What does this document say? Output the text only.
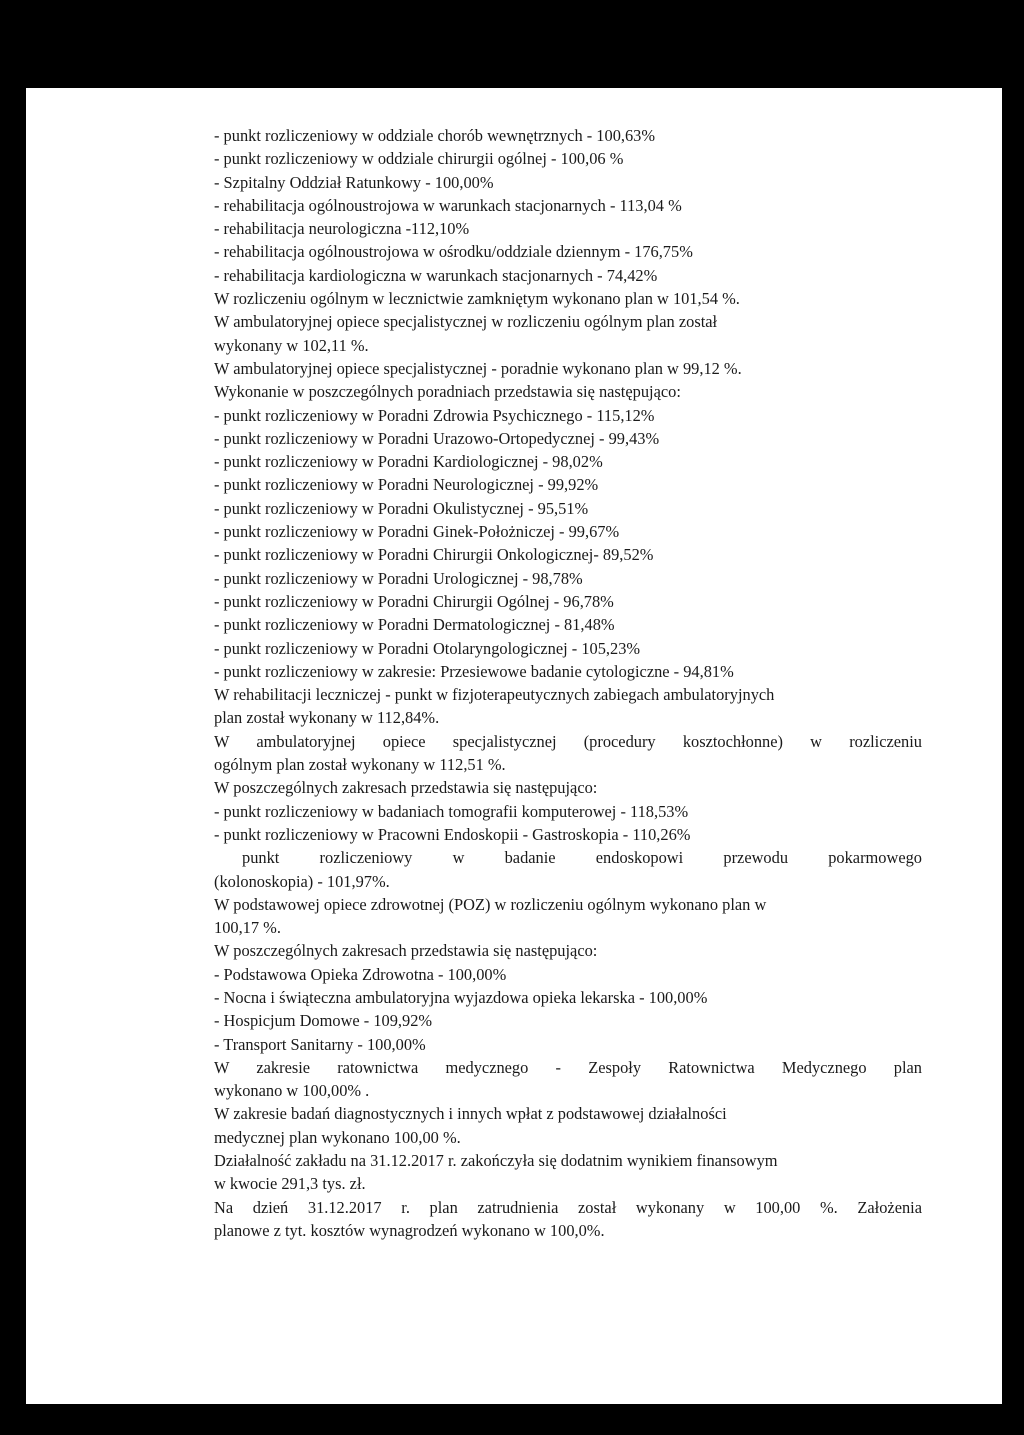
- punkt rozliczeniowy w oddziale chorób wewnętrznych - 100,63%
- punkt rozliczeniowy w oddziale chirurgii ogólnej - 100,06 %
- Szpitalny Oddział Ratunkowy - 100,00%
- rehabilitacja ogólnoustrojowa w warunkach stacjonarnych - 113,04 %
- rehabilitacja neurologiczna -112,10%
- rehabilitacja ogólnoustrojowa w ośrodku/oddziale dziennym - 176,75%
- rehabilitacja kardiologiczna w warunkach stacjonarnych - 74,42%
W rozliczeniu ogólnym w lecznictwie zamkniętym wykonano plan w 101,54 %.
W ambulatoryjnej opiece specjalistycznej w rozliczeniu ogólnym plan został
wykonany w 102,11 %.
W ambulatoryjnej opiece specjalistycznej - poradnie wykonano plan w 99,12 %.
Wykonanie w poszczególnych poradniach przedstawia się następująco:
- punkt rozliczeniowy w Poradni Zdrowia Psychicznego - 115,12%
- punkt rozliczeniowy w Poradni Urazowo-Ortopedycznej - 99,43%
- punkt rozliczeniowy w Poradni Kardiologicznej - 98,02%
- punkt rozliczeniowy w Poradni Neurologicznej - 99,92%
- punkt rozliczeniowy w Poradni Okulistycznej - 95,51%
- punkt rozliczeniowy w Poradni Ginek-Położniczej - 99,67%
- punkt rozliczeniowy w Poradni Chirurgii Onkologicznej- 89,52%
- punkt rozliczeniowy w Poradni Urologicznej - 98,78%
- punkt rozliczeniowy w Poradni Chirurgii Ogólnej - 96,78%
- punkt rozliczeniowy w Poradni Dermatologicznej - 81,48%
- punkt rozliczeniowy w Poradni Otolaryngologicznej - 105,23%
- punkt rozliczeniowy w zakresie: Przesiewowe badanie cytologiczne - 94,81%
W rehabilitacji leczniczej - punkt w fizjoterapeutycznych zabiegach ambulatoryjnych
plan został wykonany w 112,84%.
W ambulatoryjnej opiece specjalistycznej (procedury kosztochłonne) w rozliczeniu
ogólnym plan został wykonany w 112,51 %.
W poszczególnych zakresach przedstawia się następująco:
- punkt rozliczeniowy w badaniach tomografii komputerowej - 118,53%
- punkt rozliczeniowy w Pracowni Endoskopii - Gastroskopia - 110,26%
punkt rozliczeniowy w badanie endoskopowi przewodu pokarmowego
(kolonoskopia) - 101,97%.
W podstawowej opiece zdrowotnej (POZ) w rozliczeniu ogólnym wykonano plan w
100,17 %.
W poszczególnych zakresach przedstawia się następująco:
- Podstawowa Opieka Zdrowotna - 100,00%
- Nocna i świąteczna ambulatoryjna wyjazdowa opieka lekarska - 100,00%
- Hospicjum Domowe - 109,92%
- Transport Sanitarny - 100,00%
W zakresie ratownictwa medycznego - Zespoły Ratownictwa Medycznego plan
wykonano w 100,00% .
W zakresie badań diagnostycznych i innych wpłat z podstawowej działalności
medycznej plan wykonano 100,00 %.
Działalność zakładu na 31.12.2017 r. zakończyła się dodatnim wynikiem finansowym
w kwocie 291,3 tys. zł.
Na dzień 31.12.2017 r. plan zatrudnienia został wykonany w 100,00 %. Założenia
planowe z tyt. kosztów wynagrodzeń wykonano w 100,0%.
